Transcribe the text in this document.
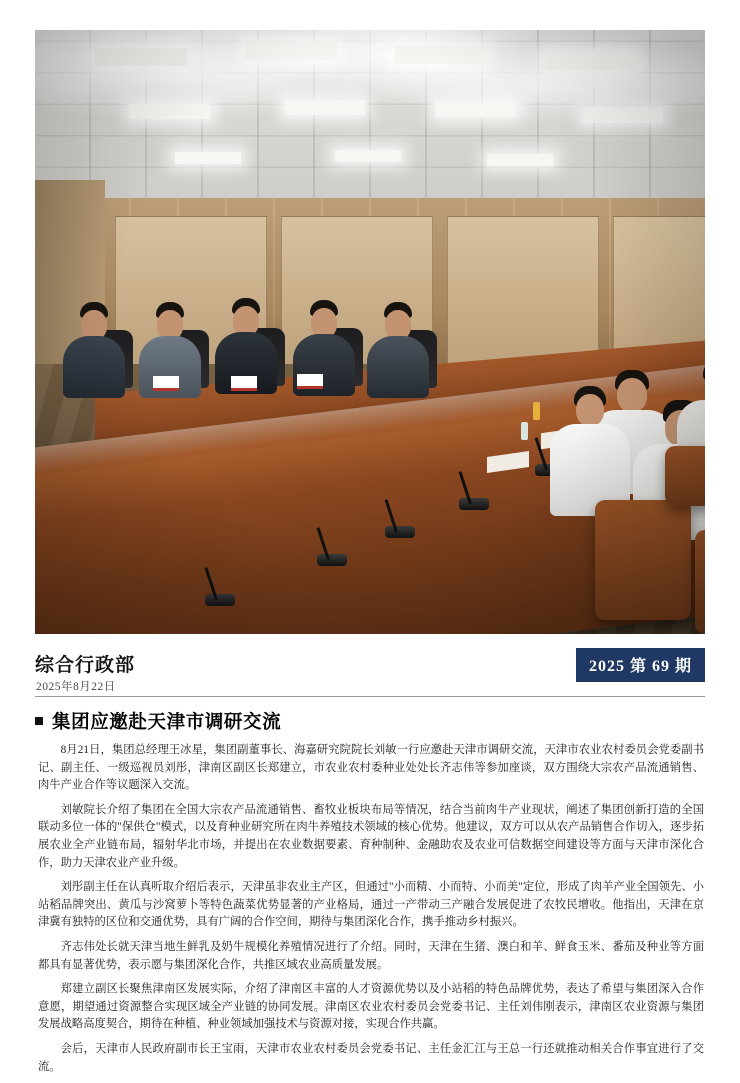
综合行政部
2025年8月22日
2025 第 69 期
集团应邀赴天津市调研交流

8月21日，集团总经理王冰星，集团副董事长、海嘉研究院院长刘敏一行应邀赴天津市调研交流，天津市农业农村委员会党委副书记、副主任、一级巡视员刘彤，津南区副区长郑建立，市农业农村委种业处处长齐志伟等参加座谈，双方围绕大宗农产品流通销售、肉牛产业合作等议题深入交流。

刘敏院长介绍了集团在全国大宗农产品流通销售、畜牧业板块布局等情况，结合当前肉牛产业现状，阐述了集团创新打造的全国联动多位一体的"保供仓"模式，以及育种业研究所在肉牛养殖技术领域的核心优势。他建议，双方可以从农产品销售合作切入，逐步拓展农业全产业链布局，辐射华北市场，并提出在农业数据要素、育种制种、金融助农及农业可信数据空间建设等方面与天津市深化合作，助力天津农业产业升级。

刘彤副主任在认真听取介绍后表示，天津虽非农业主产区，但通过"小而精、小而特、小而美"定位，形成了肉羊产业全国领先、小站稻品牌突出、黄瓜与沙窝萝卜等特色蔬菜优势显著的产业格局，通过一产带动三产融合发展促进了农牧民增收。他指出，天津在京津冀有独特的区位和交通优势，具有广阔的合作空间，期待与集团深化合作，携手推动乡村振兴。

齐志伟处长就天津当地生鲜乳及奶牛规模化养殖情况进行了介绍。同时，天津在生猪、澳白和羊、鲜食玉米、番茄及种业等方面都具有显著优势，表示愿与集团深化合作，共推区域农业高质量发展。

郑建立副区长聚焦津南区发展实际，介绍了津南区丰富的人才资源优势以及小站稻的特色品牌优势，表达了希望与集团深入合作意愿，期望通过资源整合实现区域全产业链的协同发展。津南区农业农村委员会党委书记、主任刘伟刚表示，津南区农业资源与集团发展战略高度契合，期待在种植、种业领域加强技术与资源对接，实现合作共赢。

会后，天津市人民政府副市长王宝雨，天津市农业农村委员会党委书记、主任金汇江与王总一行还就推动相关合作事宜进行了交流。
